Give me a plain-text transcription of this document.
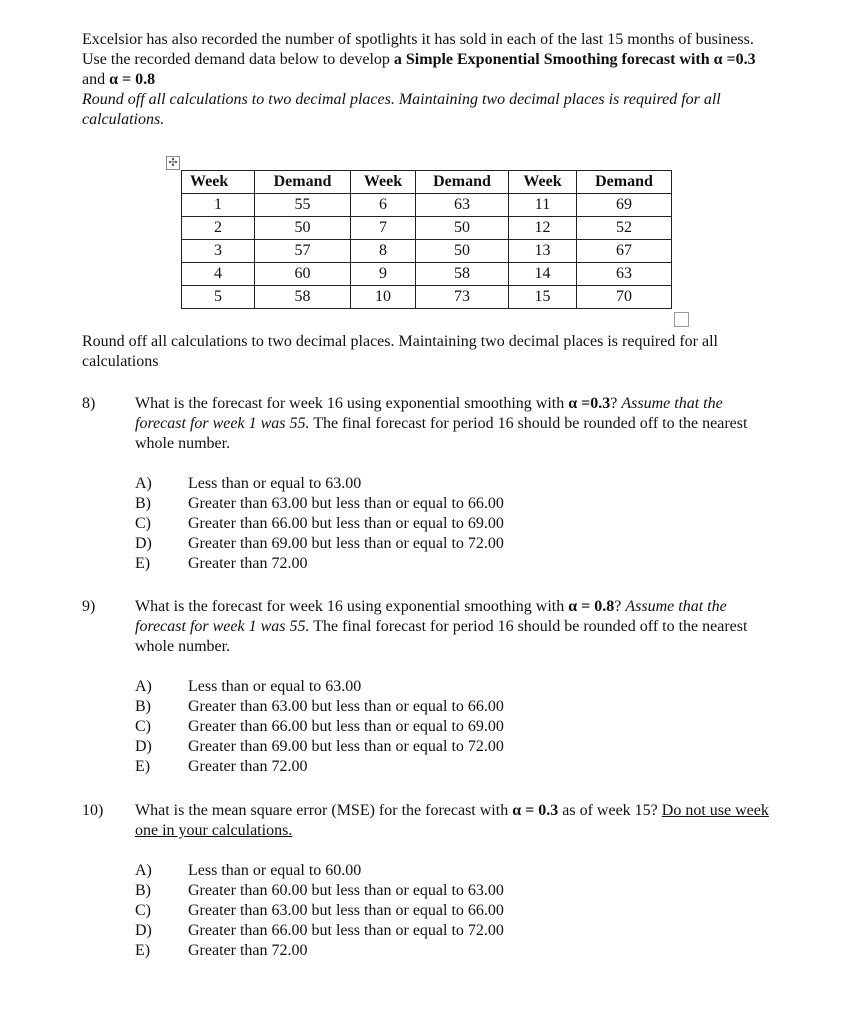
Excelsior has also recorded the number of spotlights it has sold in each of the last 15 months of business. Use the recorded demand data below to develop a Simple Exponential Smoothing forecast with α =0.3 and α = 0.8

Round off all calculations to two decimal places. Maintaining two decimal places is required for all calculations.

✣
Week	Demand	Week	Demand	Week	Demand
1	55	6	63	11	69
2	50	7	50	12	52
3	57	8	50	13	67
4	60	9	58	14	63
5	58	10	73	15	70

Round off all calculations to two decimal places. Maintaining two decimal places is required for all calculations

8) What is the forecast for week 16 using exponential smoothing with α =0.3? Assume that the forecast for week 1 was 55. The final forecast for period 16 should be rounded off to the nearest whole number.
A)	Less than or equal to 63.00
B)	Greater than 63.00 but less than or equal to 66.00
C)	Greater than 66.00 but less than or equal to 69.00
D)	Greater than 69.00 but less than or equal to 72.00
E)	Greater than 72.00
9) What is the forecast for week 16 using exponential smoothing with α = 0.8? Assume that the forecast for week 1 was 55. The final forecast for period 16 should be rounded off to the nearest whole number.
A)	Less than or equal to 63.00
B)	Greater than 63.00 but less than or equal to 66.00
C)	Greater than 66.00 but less than or equal to 69.00
D)	Greater than 69.00 but less than or equal to 72.00
E)	Greater than 72.00
10) What is the mean square error (MSE) for the forecast with α = 0.3 as of week 15? Do not use week one in your calculations.
A)	Less than or equal to 60.00
B)	Greater than 60.00 but less than or equal to 63.00
C)	Greater than 63.00 but less than or equal to 66.00
D)	Greater than 66.00 but less than or equal to 72.00
E)	Greater than 72.00
